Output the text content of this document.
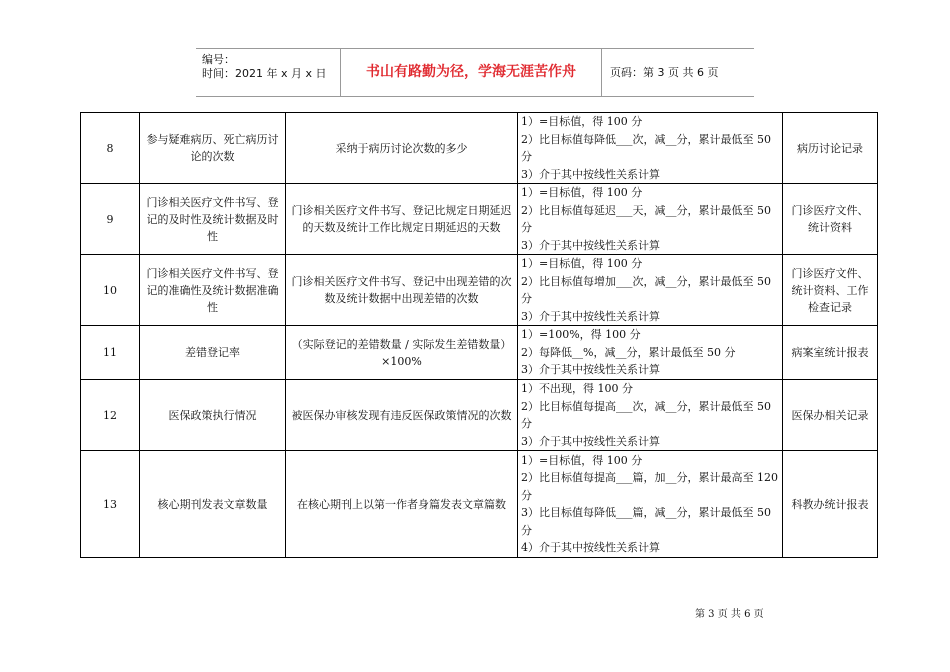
编号：
时间：2021 年 x 月 x 日	书山有路勤为径，学海无涯苦作舟	页码：第 3 页 共 6 页
8	参与疑难病历、死亡病历讨论的次数	采纳于病历讨论次数的多少	1）=目标值，得 100 分
2）比目标值每降低___次，减__分，累计最低至 50 分
3）介于其中按线性关系计算	病历讨论记录
9	门诊相关医疗文件书写、登记的及时性及统计数据及时性	门诊相关医疗文件书写、登记比规定日期延迟的天数及统计工作比规定日期延迟的天数	1）=目标值，得 100 分
2）比目标值每延迟___天，减__分，累计最低至 50 分
3）介于其中按线性关系计算	门诊医疗文件、统计资料
10	门诊相关医疗文件书写、登记的准确性及统计数据准确性	门诊相关医疗文件书写、登记中出现差错的次数及统计数据中出现差错的次数	1）=目标值，得 100 分
2）比目标值每增加___次，减__分，累计最低至 50 分
3）介于其中按线性关系计算	门诊医疗文件、统计资料、工作检查记录
11	差错登记率	（实际登记的差错数量 / 实际发生差错数量）×100%	1）=100%，得 100 分
2）每降低__%，减__分，累计最低至 50 分
3）介于其中按线性关系计算	病案室统计报表
12	医保政策执行情况	被医保办审核发现有违反医保政策情况的次数	1）不出现，得 100 分
2）比目标值每提高___次，减__分，累计最低至 50 分
3）介于其中按线性关系计算	医保办相关记录
13	核心期刊发表文章数量	在核心期刊上以第一作者身篇发表文章篇数	1）=目标值，得 100 分
2）比目标值每提高___篇，加__分，累计最高至 120 分
3）比目标值每降低___篇，减__分，累计最低至 50 分
4）介于其中按线性关系计算	科教办统计报表
第 3 页 共 6 页
